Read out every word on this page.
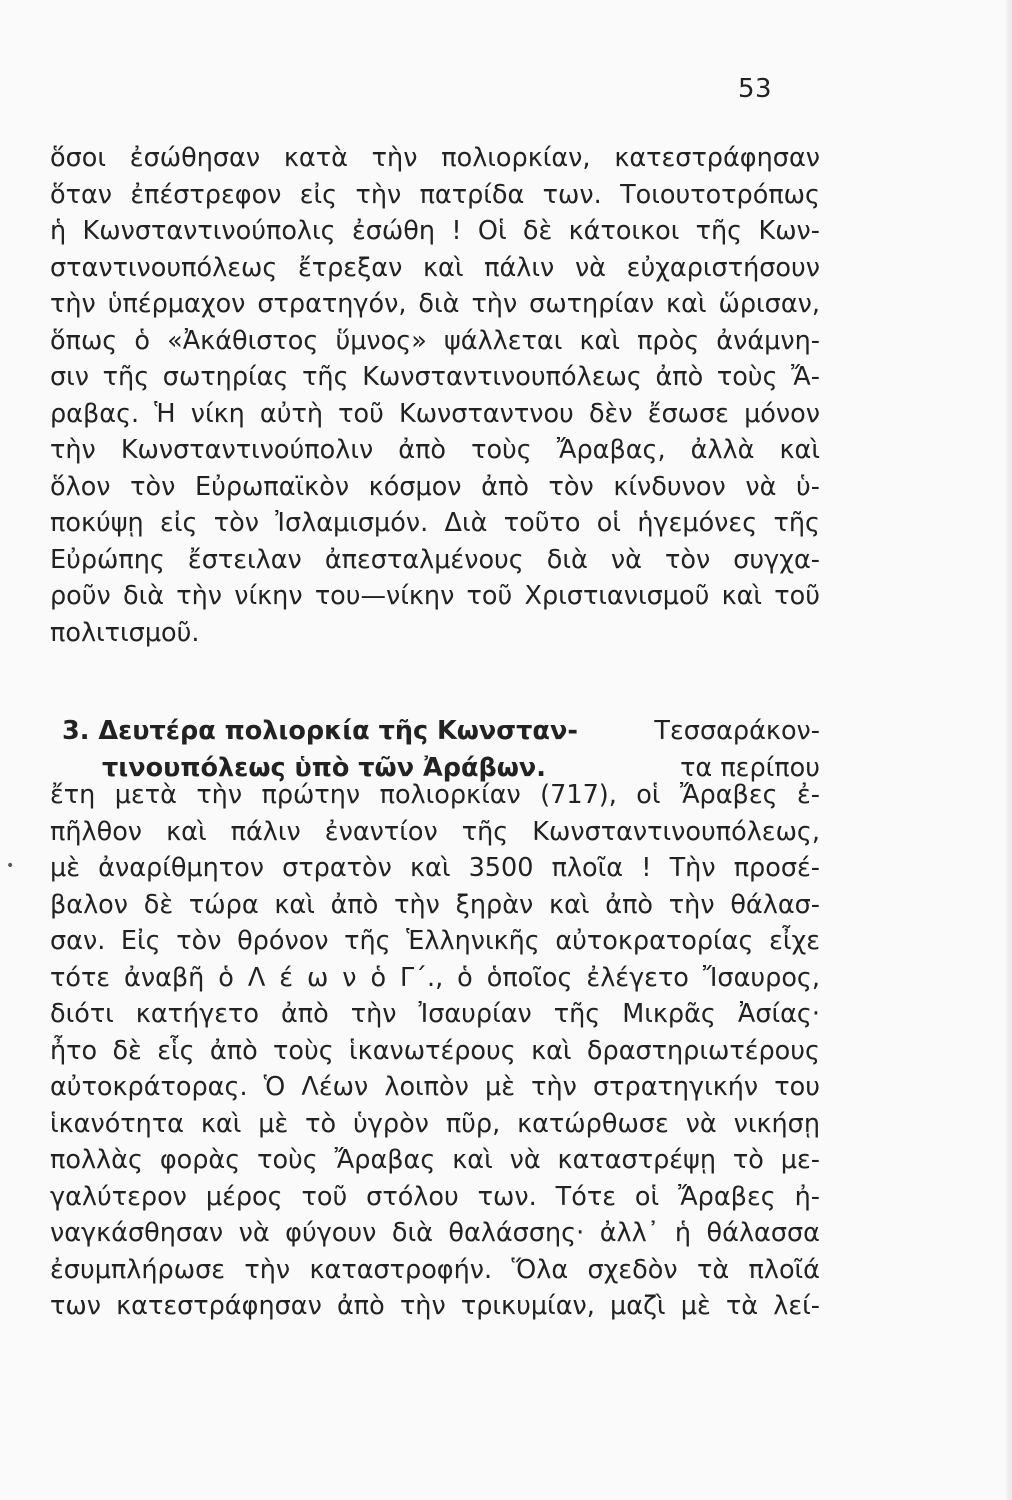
53
ὅσοι ἐσώθησαν κατὰ τὴν πολιορκίαν, κατεστράφησαν
ὅταν ἐπέστρεφον εἰς τὴν πατρίδα των. Τοιουτοτρόπως
ἡ Κωνσταντινούπολις ἐσώθη ! Οἱ δὲ κάτοικοι τῆς Κων-
σταντινουπόλεως ἔτρεξαν καὶ πάλιν νὰ εὐχαριστήσουν
τὴν ὑπέρμαχον στρατηγόν, διὰ τὴν σωτηρίαν καὶ ὥρισαν,
ὅπως ὁ «Ἀκάθιστος ὕμνος» ψάλλεται καὶ πρὸς ἀνάμνη-
σιν τῆς σωτηρίας τῆς Κωνσταντινουπόλεως ἀπὸ τοὺς Ἄ-
ραβας. Ἡ νίκη αὐτὴ τοῦ Κωνσταντνου δὲν ἔσωσε μόνον
τὴν Κωνσταντινούπολιν ἀπὸ τοὺς Ἄραβας, ἀλλὰ καὶ
ὅλον τὸν Εὐρωπαϊκὸν κόσμον ἀπὸ τὸν κίνδυνον νὰ ὑ-
ποκύψῃ εἰς τὸν Ἰσλαμισμόν. Διὰ τοῦτο οἱ ἡγεμόνες τῆς
Εὐρώπης ἔστειλαν ἀπεσταλμένους διὰ νὰ τὸν συγχα-
ροῦν διὰ τὴν νίκην του—νίκην τοῦ Χριστιανισμοῦ καὶ τοῦ
πολιτισμοῦ.
3. Δευτέρα πολιορκία τῆς Κωνσταν-
τινουπόλεως ὑπὸ τῶν Ἀράβων.
Τεσσαράκον-
τα περίπου
•
ἔτη μετὰ τὴν πρώτην πολιορκίαν (717), οἱ Ἄραβες ἐ-
πῆλθον καὶ πάλιν ἐναντίον τῆς Κωνσταντινουπόλεως,
μὲ ἀναρίθμητον στρατὸν καὶ 3500 πλοῖα ! Τὴν προσέ-
βαλον δὲ τώρα καὶ ἀπὸ τὴν ξηρὰν καὶ ἀπὸ τὴν θάλασ-
σαν. Εἰς τὸν θρόνον τῆς Ἑλληνικῆς αὐτοκρατορίας εἶχε
τότε ἀναβῆ ὁ Λ έ ω ν ὁ Γ΄., ὁ ὁποῖος ἐλέγετο Ἴσαυρος,
διότι κατήγετο ἀπὸ τὴν Ἰσαυρίαν τῆς Μικρᾶς Ἀσίας·
ἦτο δὲ εἷς ἀπὸ τοὺς ἱκανωτέρους καὶ δραστηριωτέρους
αὐτοκράτορας. Ὁ Λέων λοιπὸν μὲ τὴν στρατηγικήν του
ἱκανότητα καὶ μὲ τὸ ὑγρὸν πῦρ, κατώρθωσε νὰ νικήσῃ
πολλὰς φορὰς τοὺς Ἄραβας καὶ νὰ καταστρέψῃ τὸ με-
γαλύτερον μέρος τοῦ στόλου των. Τότε οἱ Ἄραβες ἠ-
ναγκάσθησαν νὰ φύγουν διὰ θαλάσσης· ἀλλ᾿ ἡ θάλασσα
ἐσυμπλήρωσε τὴν καταστροφήν. Ὅλα σχεδὸν τὰ πλοῖά
των κατεστράφησαν ἀπὸ τὴν τρικυμίαν, μαζὶ μὲ τὰ λεί-
